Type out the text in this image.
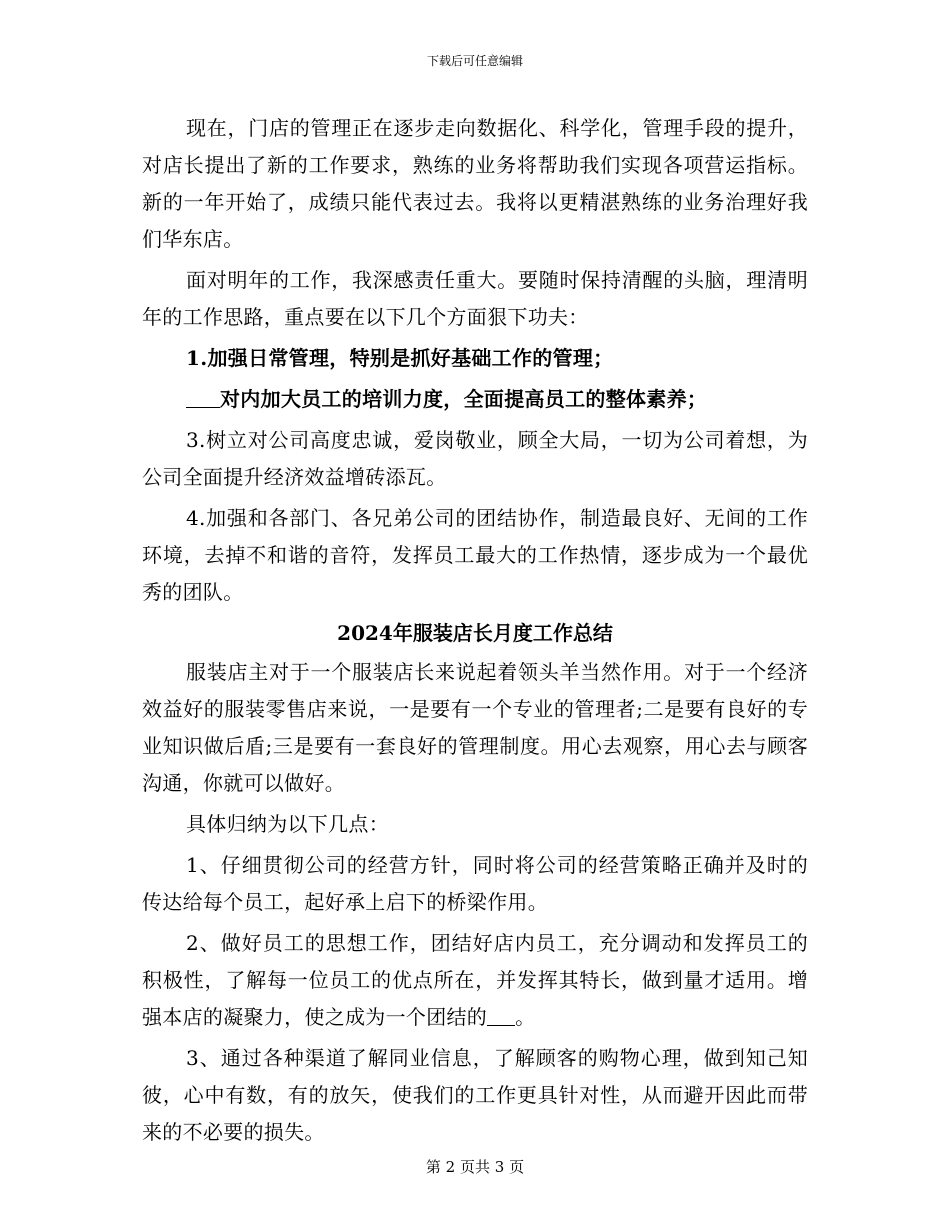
下载后可任意编辑

现在，门店的管理正在逐步走向数据化、科学化，管理手段的提升，对店长提出了新的工作要求，熟练的业务将帮助我们实现各项营运指标。新的一年开始了，成绩只能代表过去。我将以更精湛熟练的业务治理好我们华东店。

面对明年的工作，我深感责任重大。要随时保持清醒的头脑，理清明年的工作思路，重点要在以下几个方面狠下功夫：

1.加强日常管理，特别是抓好基础工作的管理；

对内加大员工的培训力度，全面提高员工的整体素养；

3.树立对公司高度忠诚，爱岗敬业，顾全大局，一切为公司着想，为公司全面提升经济效益增砖添瓦。

4.加强和各部门、各兄弟公司的团结协作，制造最良好、无间的工作环境，去掉不和谐的音符，发挥员工最大的工作热情，逐步成为一个最优秀的团队。

2024年服装店长月度工作总结

服装店主对于一个服装店长来说起着领头羊当然作用。对于一个经济效益好的服装零售店来说，一是要有一个专业的管理者;二是要有良好的专业知识做后盾;三是要有一套良好的管理制度。用心去观察，用心去与顾客沟通，你就可以做好。

具体归纳为以下几点：

1、仔细贯彻公司的经营方针，同时将公司的经营策略正确并及时的传达给每个员工，起好承上启下的桥梁作用。

2、做好员工的思想工作，团结好店内员工，充分调动和发挥员工的积极性，了解每一位员工的优点所在，并发挥其特长，做到量才适用。增强本店的凝聚力，使之成为一个团结的 。

3、通过各种渠道了解同业信息，了解顾客的购物心理，做到知己知彼，心中有数，有的放矢，使我们的工作更具针对性，从而避开因此而带来的不必要的损失。

第 2 页共 3 页
